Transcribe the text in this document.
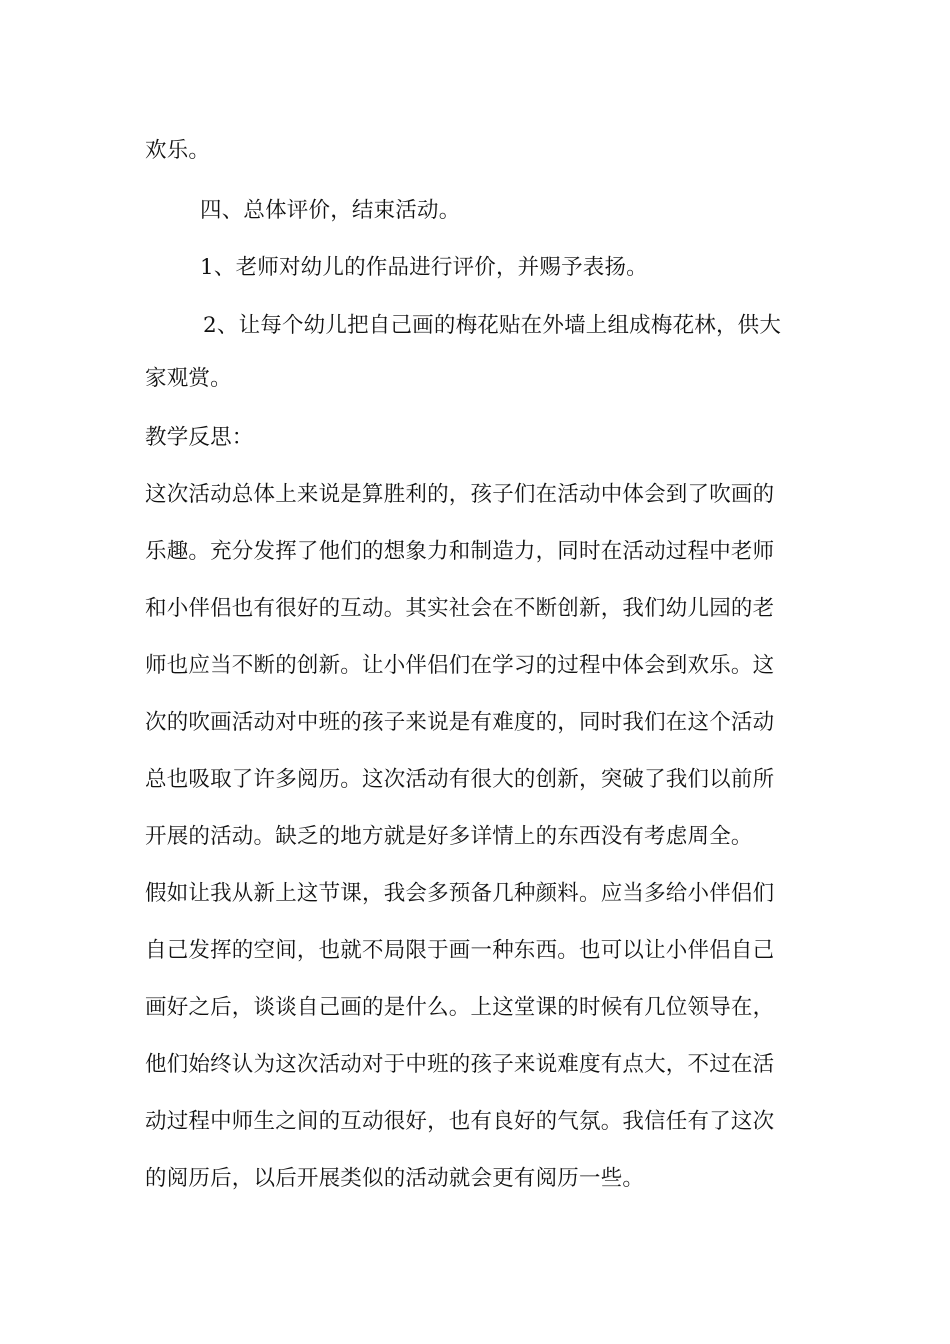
欢乐。
四、总体评价，结束活动。
1、老师对幼儿的作品进行评价，并赐予表扬。
2、让每个幼儿把自己画的梅花贴在外墙上组成梅花林，供大
家观赏。
教学反思：
这次活动总体上来说是算胜利的，孩子们在活动中体会到了吹画的
乐趣。充分发挥了他们的想象力和制造力，同时在活动过程中老师
和小伴侣也有很好的互动。其实社会在不断创新，我们幼儿园的老
师也应当不断的创新。让小伴侣们在学习的过程中体会到欢乐。这
次的吹画活动对中班的孩子来说是有难度的，同时我们在这个活动
总也吸取了许多阅历。这次活动有很大的创新，突破了我们以前所
开展的活动。缺乏的地方就是好多详情上的东西没有考虑周全。
假如让我从新上这节课，我会多预备几种颜料。应当多给小伴侣们
自己发挥的空间，也就不局限于画一种东西。也可以让小伴侣自己
画好之后，谈谈自己画的是什么。上这堂课的时候有几位领导在，
他们始终认为这次活动对于中班的孩子来说难度有点大，不过在活
动过程中师生之间的互动很好，也有良好的气氛。我信任有了这次
的阅历后，以后开展类似的活动就会更有阅历一些。
